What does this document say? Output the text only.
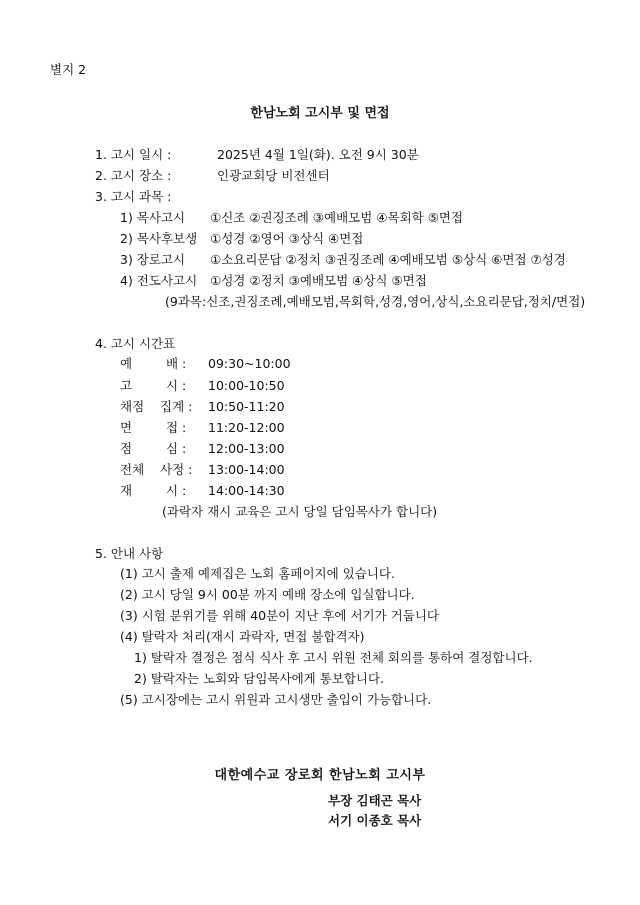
별지 2
한남노회 고시부 및 면접
1. 고시 일시 :	2025년 4월 1일(화). 오전 9시 30분
2. 고시 장소 :	인광교회당 비전센터
3. 고시 과목 :
1) 목사고시 ①신조 ②권징조례 ③예배모범 ④목회학 ⑤면접
2) 목사후보생 ①성경 ②영어 ③상식 ④면접
3) 장로고시 ①소요리문답 ②정치 ③권징조례 ④예배모범 ⑤상식 ⑥면접 ⑦성경
4) 전도사고시 ①성경 ②정치 ③예배모범 ④상식 ⑤면접
(9과목:신조,권징조례,예배모범,목회학,성경,영어,상식,소요리문답,정치/면접)
4. 고시 시간표
예	배 : 09:30~10:00
고	시 : 10:00-10:50
채점 집계 : 10:50-11:20
면	접 : 11:20-12:00
점	심 : 12:00-13:00
전체 사정 : 13:00-14:00
재	시 : 14:00-14:30
(과락자 재시 교육은 고시 당일 담임목사가 합니다)
5. 안내 사항
(1) 고시 출제 예제집은 노회 홈페이지에 있습니다.
(2) 고시 당일 9시 00분 까지 예배 장소에 입실합니다.
(3) 시험 분위기를 위해 40분이 지난 후에 서기가 거둡니다
(4) 탈락자 처리(재시 과락자, 면접 불합격자)
1) 탈락자 결정은 점식 식사 후 고시 위원 전체 회의를 통하여 결정합니다.
2) 탈락자는 노회와 담임목사에게 통보합니다.
(5) 고시장에는 고시 위원과 고시생만 출입이 가능합니다.
대한예수교 장로회 한남노회 고시부
부장 김태곤 목사
서기 이종호 목사
